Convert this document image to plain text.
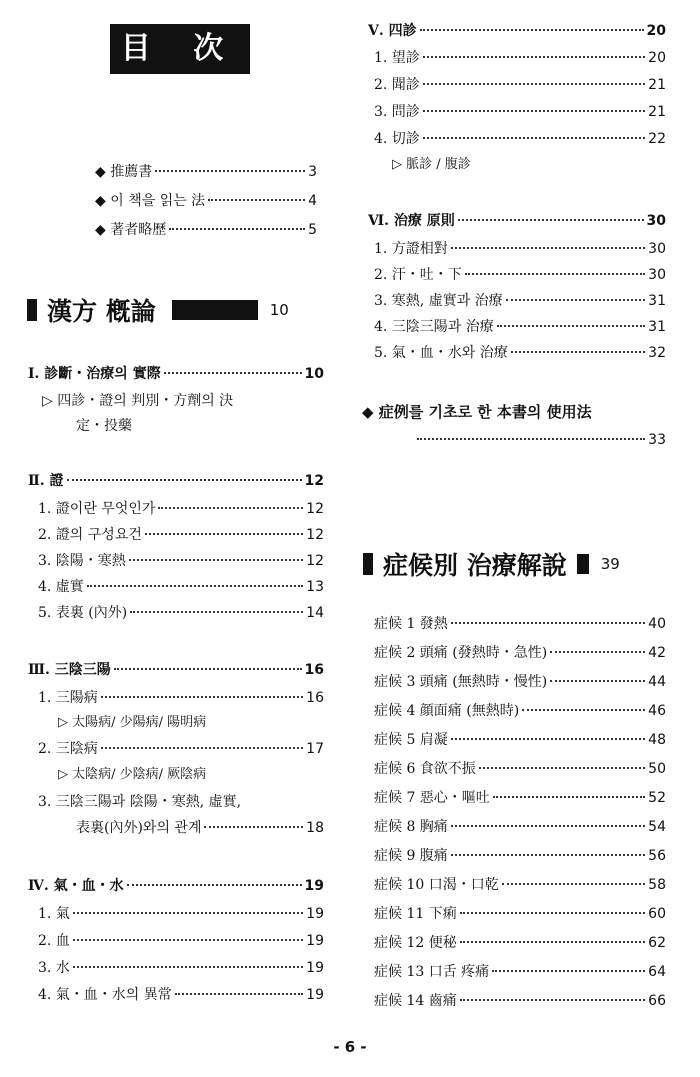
目 次
◆ 推薦書	3
◆ 이 책을 읽는 法	4
◆ 著者略歷	5
漢方 槪論	10
Ⅰ. 診斷・治療의 實際	10
▷ 四診・證의 判別・方劑의 決
定・投藥
Ⅱ. 證	12
1. 證이란 무엇인가	12
2. 證의 구성요건	12
3. 陰陽・寒熱	12
4. 虛實	13
5. 表裏 (內外)	14
Ⅲ. 三陰三陽	16
1. 三陽病	16
▷ 太陽病/ 少陽病/ 陽明病
2. 三陰病	17
▷ 太陰病/ 少陰病/ 厥陰病
3. 三陰三陽과 陰陽・寒熱, 虛實,
表裏(內外)와의 관계	18
Ⅳ. 氣・血・水	19
1. 氣	19
2. 血	19
3. 水	19
4. 氣・血・水의 異常	19
Ⅴ. 四診	20
1. 望診	20
2. 聞診	21
3. 問診	21
4. 切診	22
▷ 脈診 / 腹診
Ⅵ. 治療 原則	30
1. 方證相對	30
2. 汗・吐・下	30
3. 寒熱, 虛實과 治療	31
4. 三陰三陽과 治療	31
5. 氣・血・水와 治療	32
◆ 症例를 기초로 한 本書의 使用法
33
症候別 治療解說 39
症候 1 發熱	40
症候 2 頭痛 (發熱時・急性)	42
症候 3 頭痛 (無熱時・慢性)	44
症候 4 顔面痛 (無熱時)	46
症候 5 肩凝	48
症候 6 食欲不振	50
症候 7 惡心・嘔吐	52
症候 8 胸痛	54
症候 9 腹痛	56
症候 10 口渴・口乾	58
症候 11 下痢	60
症候 12 便秘	62
症候 13 口舌 疼痛	64
症候 14 齒痛	66
- 6 -
